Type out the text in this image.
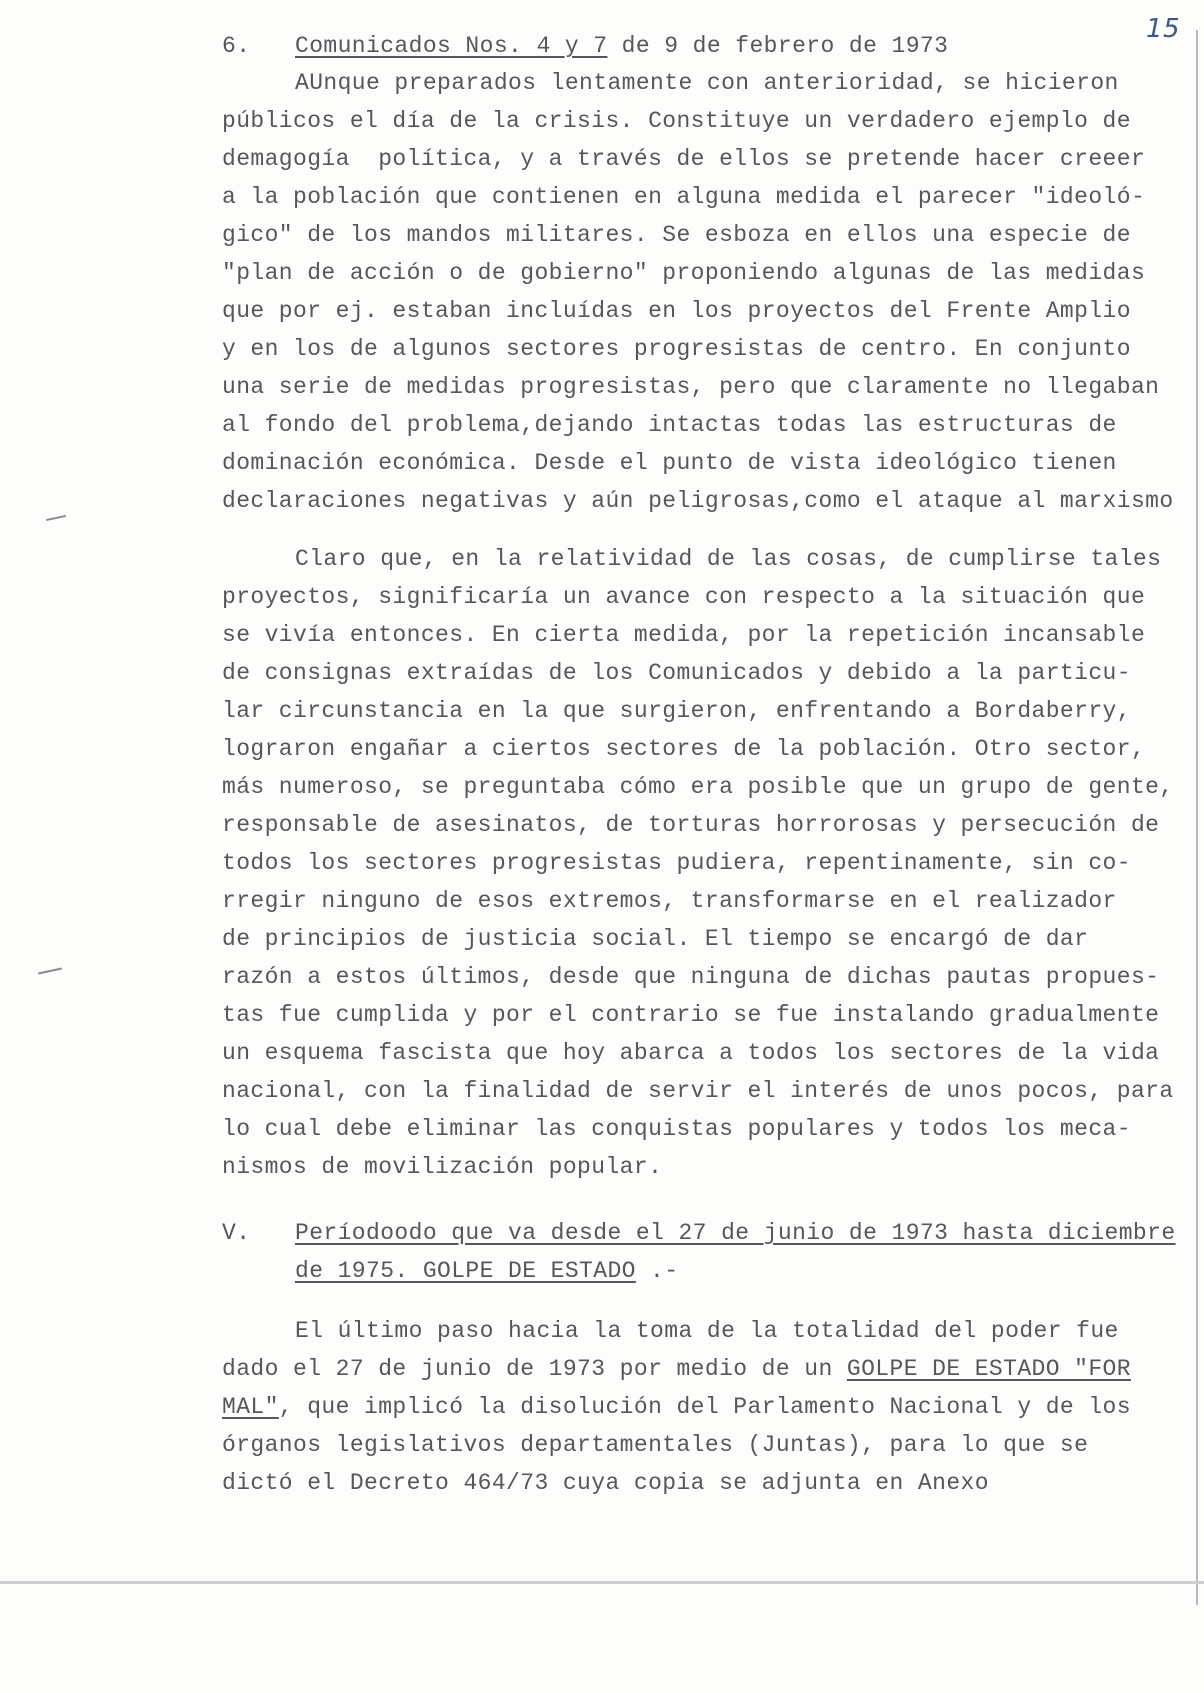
15
6. Comunicados Nos. 4 y 7 de 9 de febrero de 1973
AUnque preparados lentamente con anterioridad, se hicieron
públicos el día de la crisis. Constituye un verdadero ejemplo de
demagogía  política, y a través de ellos se pretende hacer creeer
a la población que contienen en alguna medida el parecer "ideoló-
gico" de los mandos militares. Se esboza en ellos una especie de
"plan de acción o de gobierno" proponiendo algunas de las medidas
que por ej. estaban incluídas en los proyectos del Frente Amplio
y en los de algunos sectores progresistas de centro. En conjunto
una serie de medidas progresistas, pero que claramente no llegaban
al fondo del problema,dejando intactas todas las estructuras de
dominación económica. Desde el punto de vista ideológico tienen
declaraciones negativas y aún peligrosas,como el ataque al marxismo
Claro que, en la relatividad de las cosas, de cumplirse tales
proyectos, significaría un avance con respecto a la situación que
se vivía entonces. En cierta medida, por la repetición incansable
de consignas extraídas de los Comunicados y debido a la particu-
lar circunstancia en la que surgieron, enfrentando a Bordaberry,
lograron engañar a ciertos sectores de la población. Otro sector,
más numeroso, se preguntaba cómo era posible que un grupo de gente,
responsable de asesinatos, de torturas horrorosas y persecución de
todos los sectores progresistas pudiera, repentinamente, sin co-
rregir ninguno de esos extremos, transformarse en el realizador
de principios de justicia social. El tiempo se encargó de dar
razón a estos últimos, desde que ninguna de dichas pautas propues-
tas fue cumplida y por el contrario se fue instalando gradualmente
un esquema fascista que hoy abarca a todos los sectores de la vida
nacional, con la finalidad de servir el interés de unos pocos, para
lo cual debe eliminar las conquistas populares y todos los meca-
nismos de movilización popular.
V. Períodoodo que va desde el 27 de junio de 1973 hasta diciembre
de 1975. GOLPE DE ESTADO .-
El último paso hacia la toma de la totalidad del poder fue
dado el 27 de junio de 1973 por medio de un GOLPE DE ESTADO "FOR
MAL", que implicó la disolución del Parlamento Nacional y de los
órganos legislativos departamentales (Juntas), para lo que se
dictó el Decreto 464/73 cuya copia se adjunta en Anexo
